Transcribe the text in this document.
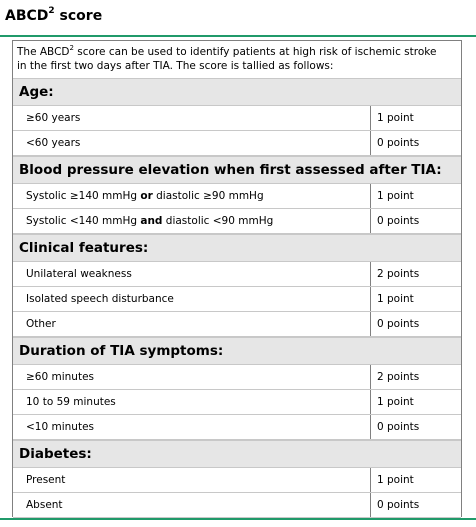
ABCD$^2$ score
The ABCD$^2$ score can be used to identify patients at high risk of ischemic stroke
in the first two days after TIA. The score is tallied as follows:
Age:
≥60 years	1 point
<60 years	0 points
Blood pressure elevation when first assessed after TIA:
Systolic ≥140 mmHg or diastolic ≥90 mmHg	1 point
Systolic <140 mmHg and diastolic <90 mmHg	0 points
Clinical features:
Unilateral weakness	2 points
Isolated speech disturbance	1 point
Other	0 points
Duration of TIA symptoms:
≥60 minutes	2 points
10 to 59 minutes	1 point
<10 minutes	0 points
Diabetes:
Present	1 point
Absent	0 points
